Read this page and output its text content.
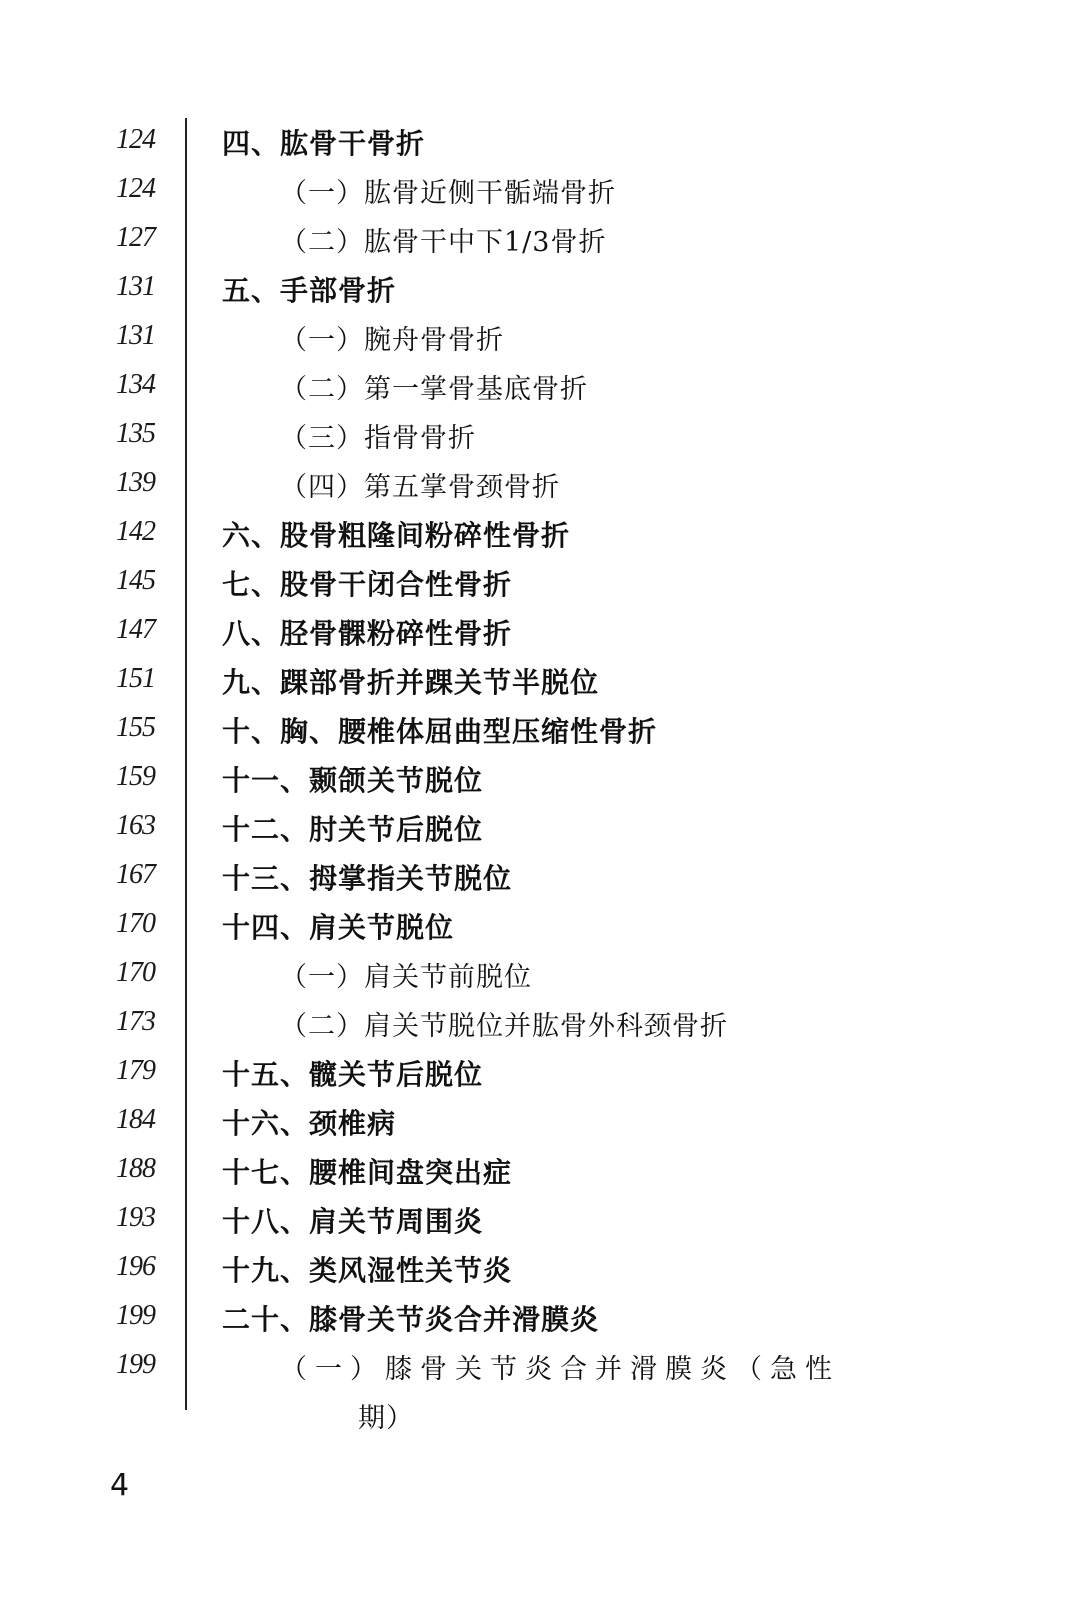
124	四、肱骨干骨折
124	（一）肱骨近侧干骺端骨折
127	（二）肱骨干中下1/3骨折
131	五、手部骨折
131	（一）腕舟骨骨折
134	（二）第一掌骨基底骨折
135	（三）指骨骨折
139	（四）第五掌骨颈骨折
142	六、股骨粗隆间粉碎性骨折
145	七、股骨干闭合性骨折
147	八、胫骨髁粉碎性骨折
151	九、踝部骨折并踝关节半脱位
155	十、胸、腰椎体屈曲型压缩性骨折
159	十一、颞颌关节脱位
163	十二、肘关节后脱位
167	十三、拇掌指关节脱位
170	十四、肩关节脱位
170	（一）肩关节前脱位
173	（二）肩关节脱位并肱骨外科颈骨折
179	十五、髋关节后脱位
184	十六、颈椎病
188	十七、腰椎间盘突出症
193	十八、肩关节周围炎
196	十九、类风湿性关节炎
199	二十、膝骨关节炎合并滑膜炎
199	（一）膝骨关节炎合并滑膜炎（急性
期）
4
